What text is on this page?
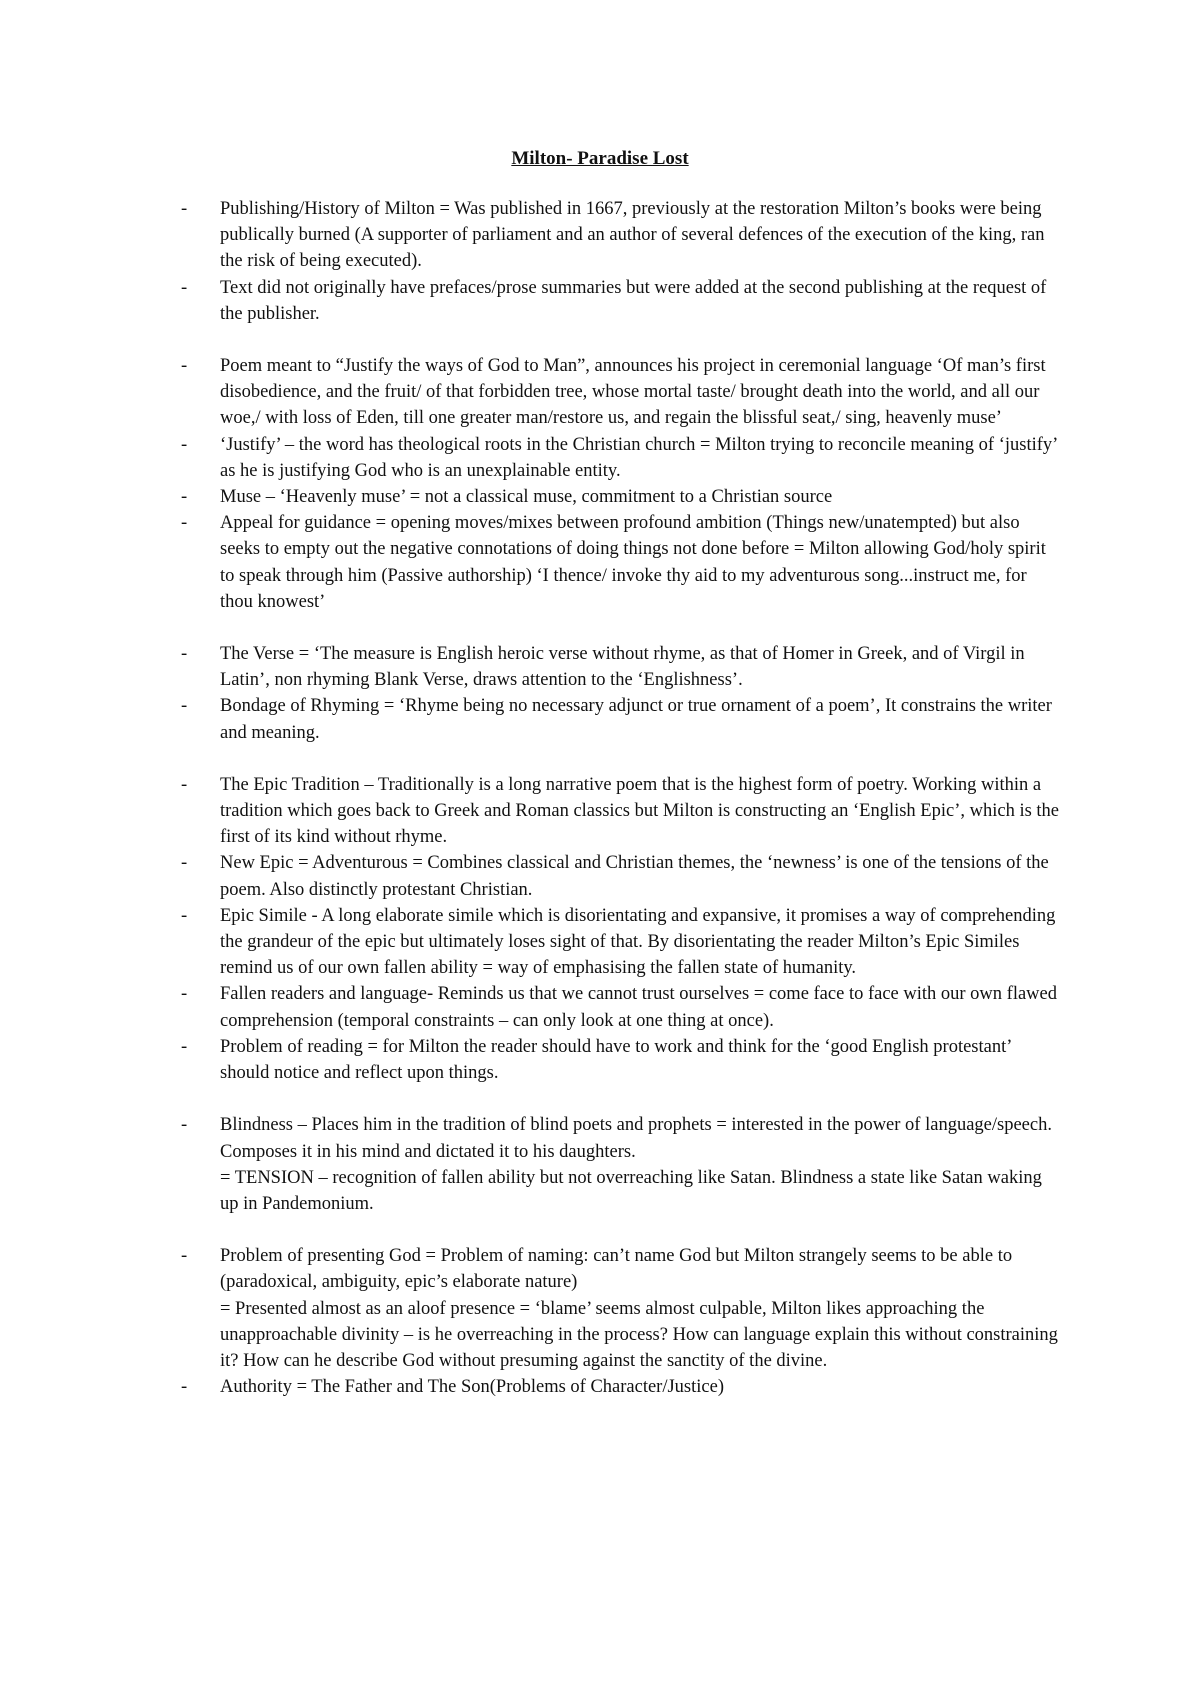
Milton- Paradise Lost
- Publishing/History of Milton = Was published in 1667, previously at the restoration Milton’s books were being publically burned (A supporter of parliament and an author of several defences of the execution of the king, ran the risk of being executed).
- Text did not originally have prefaces/prose summaries but were added at the second publishing at the request of the publisher.
- Poem meant to “Justify the ways of God to Man”, announces his project in ceremonial language ‘Of man’s first disobedience, and the fruit/ of that forbidden tree, whose mortal taste/ brought death into the world, and all our woe,/ with loss of Eden, till one greater man/restore us, and regain the blissful seat,/ sing, heavenly muse’
- ‘Justify’ – the word has theological roots in the Christian church = Milton trying to reconcile meaning of ‘justify’ as he is justifying God who is an unexplainable entity.
- Muse – ‘Heavenly muse’ = not a classical muse, commitment to a Christian source
- Appeal for guidance = opening moves/mixes between profound ambition (Things new/unatempted) but also seeks to empty out the negative connotations of doing things not done before = Milton allowing God/holy spirit to speak through him (Passive authorship) ‘I thence/ invoke thy aid to my adventurous song...instruct me, for thou knowest’
- The Verse = ‘The measure is English heroic verse without rhyme, as that of Homer in Greek, and of Virgil in Latin’, non rhyming Blank Verse, draws attention to the ‘Englishness’.
- Bondage of Rhyming = ‘Rhyme being no necessary adjunct or true ornament of a poem’, It constrains the writer and meaning.
- The Epic Tradition – Traditionally is a long narrative poem that is the highest form of poetry. Working within a tradition which goes back to Greek and Roman classics but Milton is constructing an ‘English Epic’, which is the first of its kind without rhyme.
- New Epic = Adventurous = Combines classical and Christian themes, the ‘newness’ is one of the tensions of the poem. Also distinctly protestant Christian.
- Epic Simile - A long elaborate simile which is disorientating and expansive, it promises a way of comprehending the grandeur of the epic but ultimately loses sight of that. By disorientating the reader Milton’s Epic Similes remind us of our own fallen ability = way of emphasising the fallen state of humanity.
- Fallen readers and language- Reminds us that we cannot trust ourselves = come face to face with our own flawed comprehension (temporal constraints – can only look at one thing at once).
- Problem of reading = for Milton the reader should have to work and think for the ‘good English protestant’ should notice and reflect upon things.
- Blindness – Places him in the tradition of blind poets and prophets = interested in the power of language/speech. Composes it in his mind and dictated it to his daughters.
= TENSION – recognition of fallen ability but not overreaching like Satan. Blindness a state like Satan waking up in Pandemonium.
- Problem of presenting God = Problem of naming: can’t name God but Milton strangely seems to be able to (paradoxical, ambiguity, epic’s elaborate nature)
= Presented almost as an aloof presence = ‘blame’ seems almost culpable, Milton likes approaching the unapproachable divinity – is he overreaching in the process? How can language explain this without constraining it? How can he describe God without presuming against the sanctity of the divine.
- Authority = The Father and The Son(Problems of Character/Justice)
